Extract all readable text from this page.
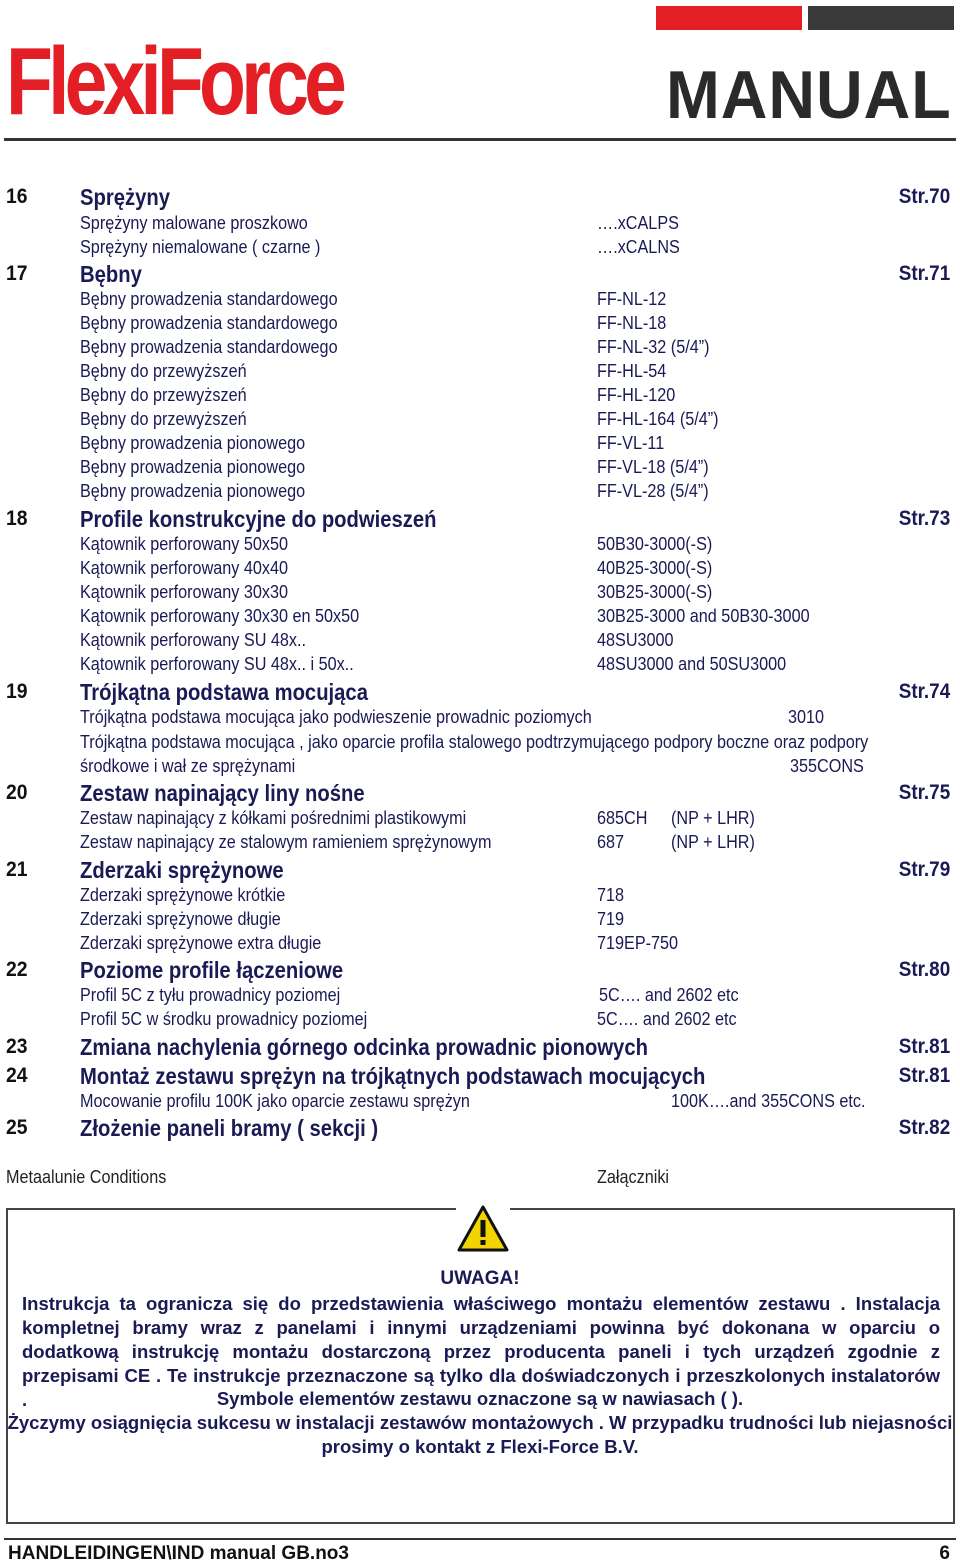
FlexiForce	MANUAL
16 Sprężyny	Str.70
Sprężyny malowane proszkowo	….xCALPS
Sprężyny niemalowane ( czarne )	….xCALNS
17 Bębny	Str.71
Bębny prowadzenia standardowego	FF-NL-12
Bębny prowadzenia standardowego	FF-NL-18
Bębny prowadzenia standardowego	FF-NL-32 (5/4”)
Bębny do przewyższeń	FF-HL-54
Bębny do przewyższeń	FF-HL-120
Bębny do przewyższeń	FF-HL-164 (5/4”)
Bębny prowadzenia pionowego	FF-VL-11
Bębny prowadzenia pionowego	FF-VL-18 (5/4”)
Bębny prowadzenia pionowego	FF-VL-28 (5/4”)
18 Profile konstrukcyjne do podwieszeń	Str.73
Kątownik perforowany 50x50	50B30-3000(-S)
Kątownik perforowany 40x40	40B25-3000(-S)
Kątownik perforowany 30x30	30B25-3000(-S)
Kątownik perforowany 30x30 en 50x50	30B25-3000 and 50B30-3000
Kątownik perforowany SU 48x..	48SU3000
Kątownik perforowany SU 48x.. i 50x..	48SU3000 and 50SU3000
19 Trójkątna podstawa mocująca	Str.74
Trójkątna podstawa mocująca jako podwieszenie prowadnic poziomych	3010
Trójkątna podstawa mocująca , jako oparcie profila stalowego podtrzymującego podpory boczne oraz podpory
środkowe i wał ze sprężynami	355CONS
20 Zestaw napinający liny nośne	Str.75
Zestaw napinający z kółkami pośrednimi plastikowymi	685CH (NP + LHR)
Zestaw napinający ze stalowym ramieniem sprężynowym	687	(NP + LHR)
21 Zderzaki sprężynowe	Str.79
Zderzaki sprężynowe krótkie	718
Zderzaki sprężynowe długie	719
Zderzaki sprężynowe extra długie	719EP-750
22 Poziome profile łączeniowe	Str.80
Profil 5C z tyłu prowadnicy poziomej	5C…. and 2602 etc
Profil 5C w środku prowadnicy poziomej	5C…. and 2602 etc
23 Zmiana nachylenia górnego odcinka prowadnic pionowych	Str.81
24 Montaż zestawu sprężyn na trójkątnych podstawach mocujących	Str.81
Mocowanie profilu 100K jako oparcie zestawu sprężyn	100K….and 355CONS etc.
25 Złożenie paneli bramy ( sekcji )	Str.82
Metaalunie Conditions	Załączniki
UWAGA!
Instrukcja ta ogranicza się do przedstawienia właściwego montażu elementów zestawu . Instalacja kompletnej bramy wraz z panelami i innymi urządzeniami powinna być dokonana w oparciu o dodatkową instrukcję montażu dostarczoną przez producenta paneli i tych urządzeń zgodnie z przepisami CE . Te instrukcje przeznaczone są tylko dla doświadczonych i przeszkolonych instalatorów .	Symbole elementów zestawu oznaczone są w nawiasach ( ).
Życzymy osiągnięcia sukcesu w instalacji zestawów montażowych . W przypadku trudności lub niejasności
prosimy o kontakt z Flexi-Force B.V.
HANDLEIDINGEN\IND manual GB.no3	6
